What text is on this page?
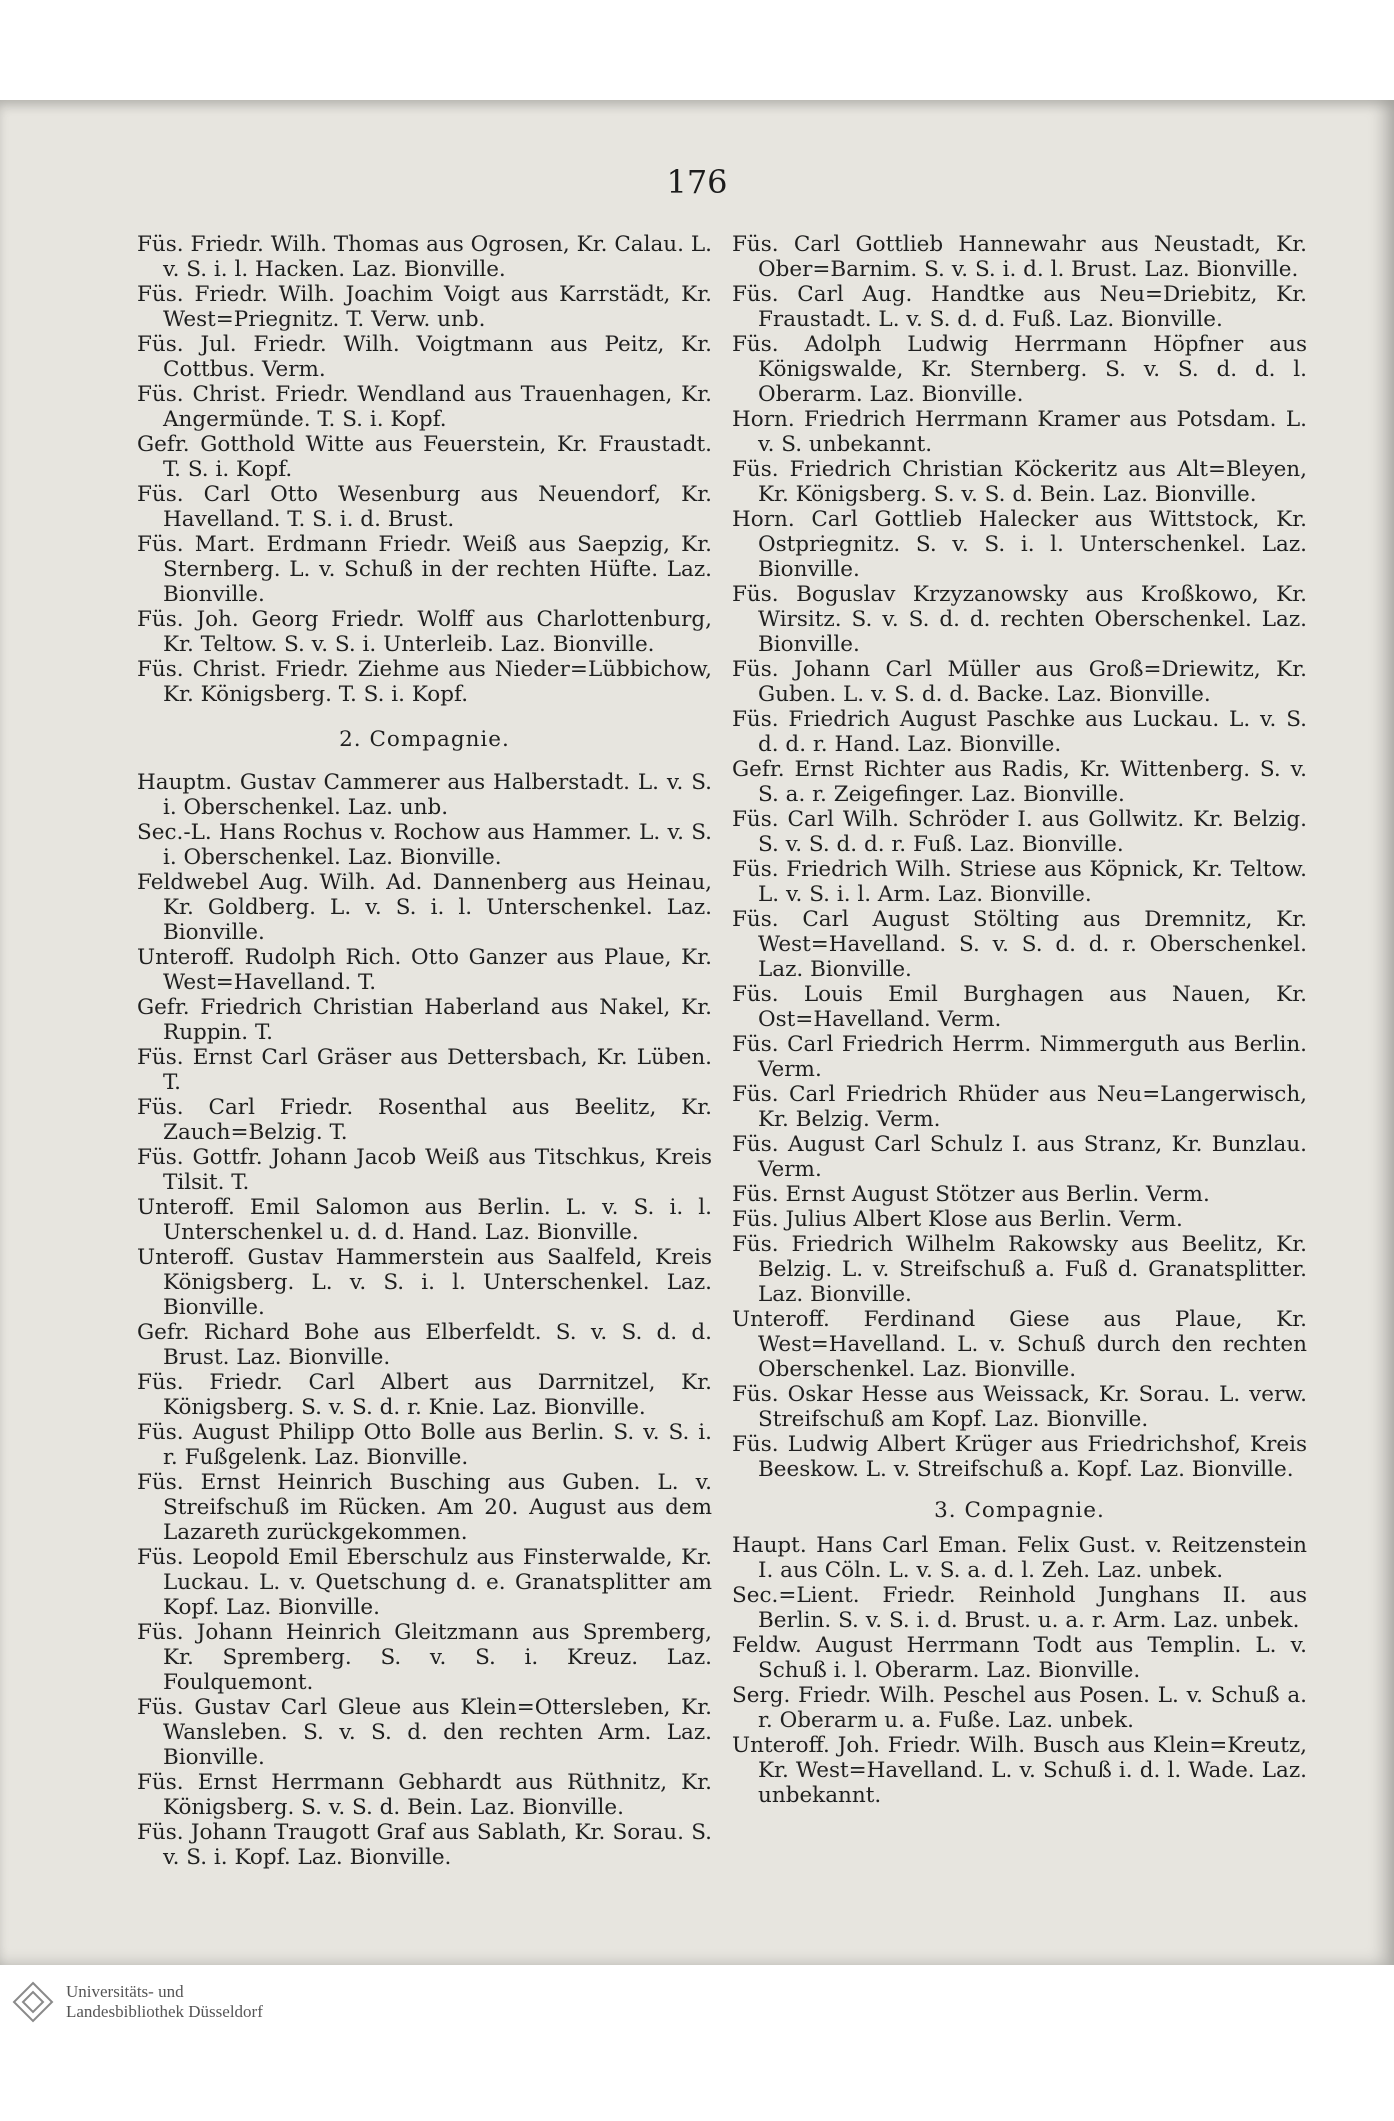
176

Füs. Friedr. Wilh. Thomas aus Ogrosen, Kr. Calau. L. v. S. i. l. Hacken. Laz. Bionville.

Füs. Friedr. Wilh. Joachim Voigt aus Karrstädt, Kr. West=Priegnitz. T. Verw. unb.

Füs. Jul. Friedr. Wilh. Voigtmann aus Peitz, Kr. Cottbus. Verm.

Füs. Christ. Friedr. Wendland aus Trauenhagen, Kr. Angermünde. T. S. i. Kopf.

Gefr. Gotthold Witte aus Feuerstein, Kr. Fraustadt. T. S. i. Kopf.

Füs. Carl Otto Wesenburg aus Neuendorf, Kr. Havelland. T. S. i. d. Brust.

Füs. Mart. Erdmann Friedr. Weiß aus Saepzig, Kr. Sternberg. L. v. Schuß in der rechten Hüfte. Laz. Bionville.

Füs. Joh. Georg Friedr. Wolff aus Charlottenburg, Kr. Teltow. S. v. S. i. Unterleib. Laz. Bionville.

Füs. Christ. Friedr. Ziehme aus Nieder=Lübbichow, Kr. Königsberg. T. S. i. Kopf.

2. Compagnie.

Hauptm. Gustav Cammerer aus Halberstadt. L. v. S. i. Oberschenkel. Laz. unb.

Sec.-L. Hans Rochus v. Rochow aus Hammer. L. v. S. i. Oberschenkel. Laz. Bionville.

Feldwebel Aug. Wilh. Ad. Dannenberg aus Heinau, Kr. Goldberg. L. v. S. i. l. Unterschenkel. Laz. Bionville.

Unteroff. Rudolph Rich. Otto Ganzer aus Plaue, Kr. West=Havelland. T.

Gefr. Friedrich Christian Haberland aus Nakel, Kr. Ruppin. T.

Füs. Ernst Carl Gräser aus Dettersbach, Kr. Lüben. T.

Füs. Carl Friedr. Rosenthal aus Beelitz, Kr. Zauch=Belzig. T.

Füs. Gottfr. Johann Jacob Weiß aus Titschkus, Kreis Tilsit. T.

Unteroff. Emil Salomon aus Berlin. L. v. S. i. l. Unterschenkel u. d. d. Hand. Laz. Bionville.

Unteroff. Gustav Hammerstein aus Saalfeld, Kreis Königsberg. L. v. S. i. l. Unterschenkel. Laz. Bionville.

Gefr. Richard Bohe aus Elberfeldt. S. v. S. d. d. Brust. Laz. Bionville.

Füs. Friedr. Carl Albert aus Darrnitzel, Kr. Königsberg. S. v. S. d. r. Knie. Laz. Bionville.

Füs. August Philipp Otto Bolle aus Berlin. S. v. S. i. r. Fußgelenk. Laz. Bionville.

Füs. Ernst Heinrich Busching aus Guben. L. v. Streifschuß im Rücken. Am 20. August aus dem Lazareth zurückgekommen.

Füs. Leopold Emil Eberschulz aus Finsterwalde, Kr. Luckau. L. v. Quetschung d. e. Granatsplitter am Kopf. Laz. Bionville.

Füs. Johann Heinrich Gleitzmann aus Spremberg, Kr. Spremberg. S. v. S. i. Kreuz. Laz. Foulquemont.

Füs. Gustav Carl Gleue aus Klein=Ottersleben, Kr. Wansleben. S. v. S. d. den rechten Arm. Laz. Bionville.

Füs. Ernst Herrmann Gebhardt aus Rüthnitz, Kr. Königsberg. S. v. S. d. Bein. Laz. Bionville.

Füs. Johann Traugott Graf aus Sablath, Kr. Sorau. S. v. S. i. Kopf. Laz. Bionville.

Füs. Carl Gottlieb Hannewahr aus Neustadt, Kr. Ober=Barnim. S. v. S. i. d. l. Brust. Laz. Bionville.

Füs. Carl Aug. Handtke aus Neu=Driebitz, Kr. Fraustadt. L. v. S. d. d. Fuß. Laz. Bionville.

Füs. Adolph Ludwig Herrmann Höpfner aus Königswalde, Kr. Sternberg. S. v. S. d. d. l. Oberarm. Laz. Bionville.

Horn. Friedrich Herrmann Kramer aus Potsdam. L. v. S. unbekannt.

Füs. Friedrich Christian Köckeritz aus Alt=Bleyen, Kr. Königsberg. S. v. S. d. Bein. Laz. Bionville.

Horn. Carl Gottlieb Halecker aus Wittstock, Kr. Ostpriegnitz. S. v. S. i. l. Unterschenkel. Laz. Bionville.

Füs. Boguslav Krzyzanowsky aus Kroßkowo, Kr. Wirsitz. S. v. S. d. d. rechten Oberschenkel. Laz. Bionville.

Füs. Johann Carl Müller aus Groß=Driewitz, Kr. Guben. L. v. S. d. d. Backe. Laz. Bionville.

Füs. Friedrich August Paschke aus Luckau. L. v. S. d. d. r. Hand. Laz. Bionville.

Gefr. Ernst Richter aus Radis, Kr. Wittenberg. S. v. S. a. r. Zeigefinger. Laz. Bionville.

Füs. Carl Wilh. Schröder I. aus Gollwitz. Kr. Belzig. S. v. S. d. d. r. Fuß. Laz. Bionville.

Füs. Friedrich Wilh. Striese aus Köpnick, Kr. Teltow. L. v. S. i. l. Arm. Laz. Bionville.

Füs. Carl August Stölting aus Dremnitz, Kr. West=Havelland. S. v. S. d. d. r. Oberschenkel. Laz. Bionville.

Füs. Louis Emil Burghagen aus Nauen, Kr. Ost=Havelland. Verm.

Füs. Carl Friedrich Herrm. Nimmerguth aus Berlin. Verm.

Füs. Carl Friedrich Rhüder aus Neu=Langerwisch, Kr. Belzig. Verm.

Füs. August Carl Schulz I. aus Stranz, Kr. Bunzlau. Verm.

Füs. Ernst August Stötzer aus Berlin. Verm.

Füs. Julius Albert Klose aus Berlin. Verm.

Füs. Friedrich Wilhelm Rakowsky aus Beelitz, Kr. Belzig. L. v. Streifschuß a. Fuß d. Granatsplitter. Laz. Bionville.

Unteroff. Ferdinand Giese aus Plaue, Kr. West=Havelland. L. v. Schuß durch den rechten Oberschenkel. Laz. Bionville.

Füs. Oskar Hesse aus Weissack, Kr. Sorau. L. verw. Streifschuß am Kopf. Laz. Bionville.

Füs. Ludwig Albert Krüger aus Friedrichshof, Kreis Beeskow. L. v. Streifschuß a. Kopf. Laz. Bionville.

3. Compagnie.

Haupt. Hans Carl Eman. Felix Gust. v. Reitzenstein I. aus Cöln. L. v. S. a. d. l. Zeh. Laz. unbek.

Sec.=Lient. Friedr. Reinhold Junghans II. aus Berlin. S. v. S. i. d. Brust. u. a. r. Arm. Laz. unbek.

Feldw. August Herrmann Todt aus Templin. L. v. Schuß i. l. Oberarm. Laz. Bionville.

Serg. Friedr. Wilh. Peschel aus Posen. L. v. Schuß a. r. Oberarm u. a. Fuße. Laz. unbek.

Unteroff. Joh. Friedr. Wilh. Busch aus Klein=Kreutz, Kr. West=Havelland. L. v. Schuß i. d. l. Wade. Laz. unbekannt.

Universitäts- und
Landesbibliothek Düsseldorf
